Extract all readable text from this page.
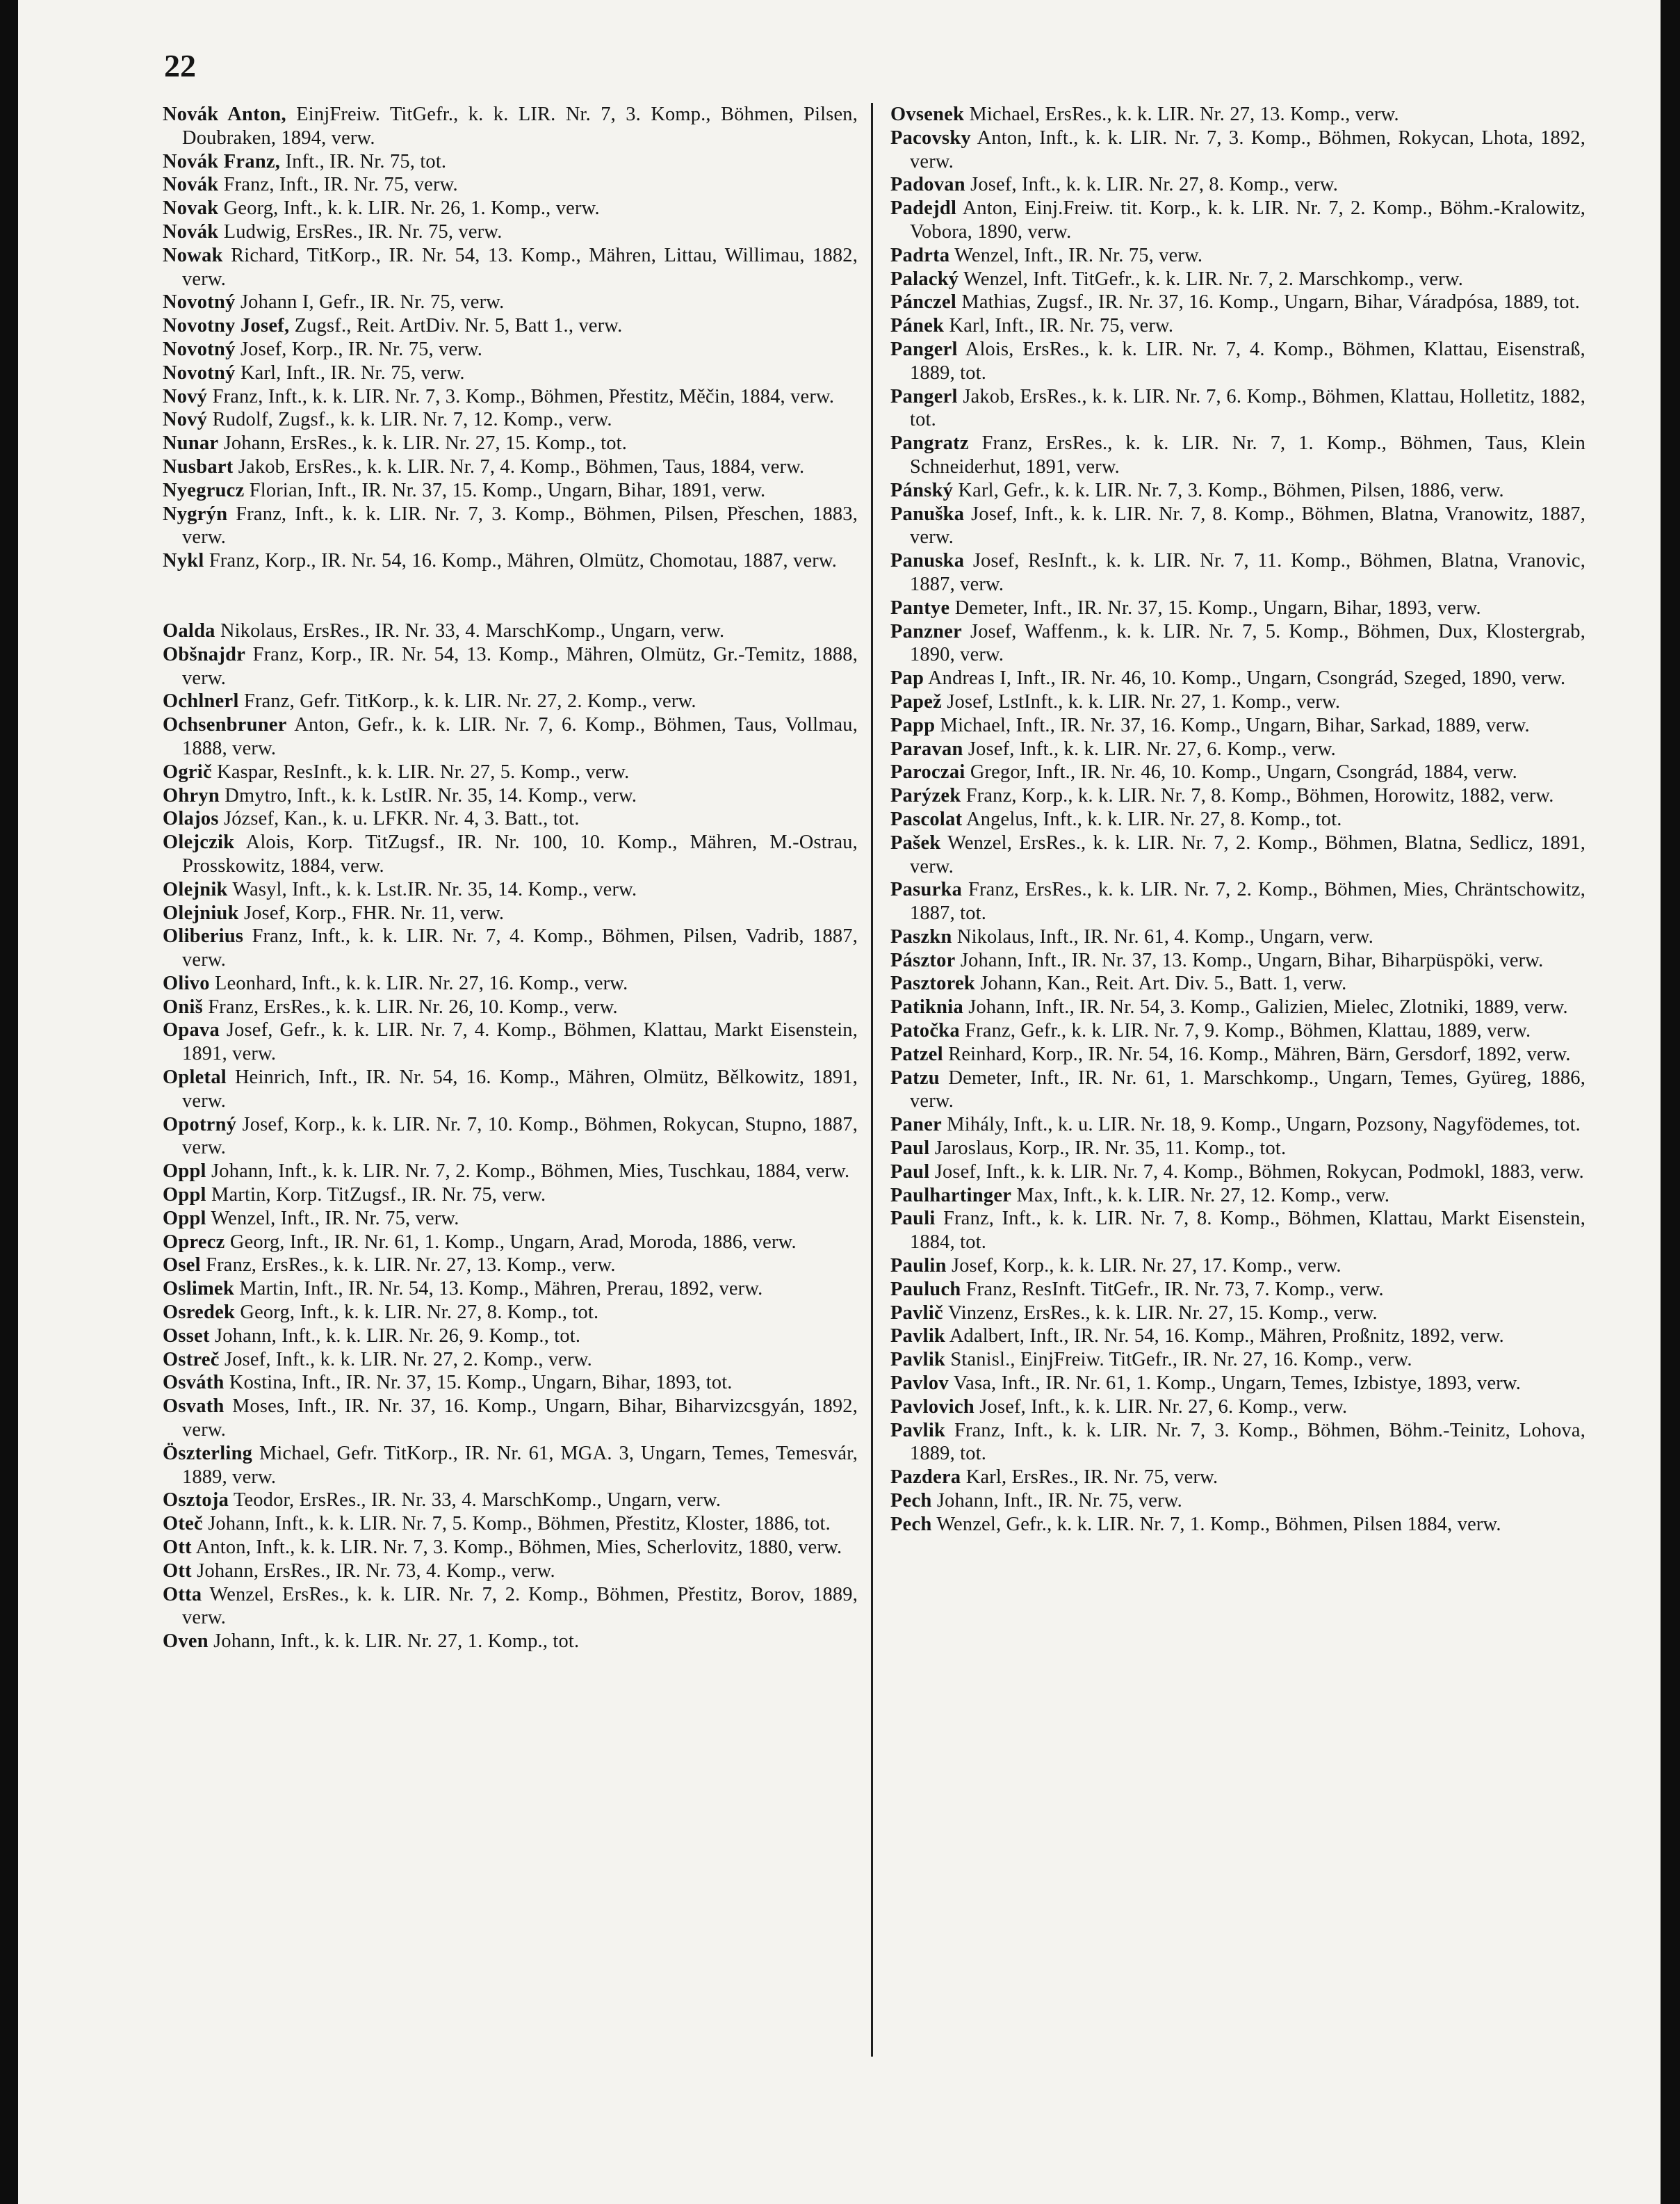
22
Novák Anton, EinjFreiw. TitGefr., k. k. LIR. Nr. 7, 3. Komp., Böhmen, Pilsen, Doubraken, 1894, verw.
Novák Franz, Inft., IR. Nr. 75, tot.
Novák Franz, Inft., IR. Nr. 75, verw.
Novak Georg, Inft., k. k. LIR. Nr. 26, 1. Komp., verw.
Novák Ludwig, ErsRes., IR. Nr. 75, verw.
Nowak Richard, TitKorp., IR. Nr. 54, 13. Komp., Mähren, Littau, Willimau, 1882, verw.
Novotný Johann I, Gefr., IR. Nr. 75, verw.
Novotny Josef, Zugsf., Reit. ArtDiv. Nr. 5, Batt 1., verw.
Novotný Josef, Korp., IR. Nr. 75, verw.
Novotný Karl, Inft., IR. Nr. 75, verw.
Nový Franz, Inft., k. k. LIR. Nr. 7, 3. Komp., Böhmen, Přestitz, Měčin, 1884, verw.
Nový Rudolf, Zugsf., k. k. LIR. Nr. 7, 12. Komp., verw.
Nunar Johann, ErsRes., k. k. LIR. Nr. 27, 15. Komp., tot.
Nusbart Jakob, ErsRes., k. k. LIR. Nr. 7, 4. Komp., Böhmen, Taus, 1884, verw.
Nyegrucz Florian, Inft., IR. Nr. 37, 15. Komp., Ungarn, Bihar, 1891, verw.
Nygrýn Franz, Inft., k. k. LIR. Nr. 7, 3. Komp., Böhmen, Pilsen, Přeschen, 1883, verw.
Nykl Franz, Korp., IR. Nr. 54, 16. Komp., Mähren, Olmütz, Chomotau, 1887, verw.
Oalda Nikolaus, ErsRes., IR. Nr. 33, 4. MarschKomp., Ungarn, verw.
Obšnajdr Franz, Korp., IR. Nr. 54, 13. Komp., Mähren, Olmütz, Gr.-Temitz, 1888, verw.
Ochlnerl Franz, Gefr. TitKorp., k. k. LIR. Nr. 27, 2. Komp., verw.
Ochsenbruner Anton, Gefr., k. k. LIR. Nr. 7, 6. Komp., Böhmen, Taus, Vollmau, 1888, verw.
Ogrič Kaspar, ResInft., k. k. LIR. Nr. 27, 5. Komp., verw.
Ohryn Dmytro, Inft., k. k. LstIR. Nr. 35, 14. Komp., verw.
Olajos József, Kan., k. u. LFKR. Nr. 4, 3. Batt., tot.
Olejczik Alois, Korp. TitZugsf., IR. Nr. 100, 10. Komp., Mähren, M.-Ostrau, Prosskowitz, 1884, verw.
Olejnik Wasyl, Inft., k. k. Lst.IR. Nr. 35, 14. Komp., verw.
Olejniuk Josef, Korp., FHR. Nr. 11, verw.
Oliberius Franz, Inft., k. k. LIR. Nr. 7, 4. Komp., Böhmen, Pilsen, Vadrib, 1887, verw.
Olivo Leonhard, Inft., k. k. LIR. Nr. 27, 16. Komp., verw.
Oniš Franz, ErsRes., k. k. LIR. Nr. 26, 10. Komp., verw.
Opava Josef, Gefr., k. k. LIR. Nr. 7, 4. Komp., Böhmen, Klattau, Markt Eisenstein, 1891, verw.
Opletal Heinrich, Inft., IR. Nr. 54, 16. Komp., Mähren, Olmütz, Bělkowitz, 1891, verw.
Opotrný Josef, Korp., k. k. LIR. Nr. 7, 10. Komp., Böhmen, Rokycan, Stupno, 1887, verw.
Oppl Johann, Inft., k. k. LIR. Nr. 7, 2. Komp., Böhmen, Mies, Tuschkau, 1884, verw.
Oppl Martin, Korp. TitZugsf., IR. Nr. 75, verw.
Oppl Wenzel, Inft., IR. Nr. 75, verw.
Oprecz Georg, Inft., IR. Nr. 61, 1. Komp., Ungarn, Arad, Moroda, 1886, verw.
Osel Franz, ErsRes., k. k. LIR. Nr. 27, 13. Komp., verw.
Oslimek Martin, Inft., IR. Nr. 54, 13. Komp., Mähren, Prerau, 1892, verw.
Osredek Georg, Inft., k. k. LIR. Nr. 27, 8. Komp., tot.
Osset Johann, Inft., k. k. LIR. Nr. 26, 9. Komp., tot.
Ostreč Josef, Inft., k. k. LIR. Nr. 27, 2. Komp., verw.
Osváth Kostina, Inft., IR. Nr. 37, 15. Komp., Ungarn, Bihar, 1893, tot.
Osvath Moses, Inft., IR. Nr. 37, 16. Komp., Ungarn, Bihar, Biharvizcsgyán, 1892, verw.
Öszterling Michael, Gefr. TitKorp., IR. Nr. 61, MGA. 3, Ungarn, Temes, Temesvár, 1889, verw.
Osztoja Teodor, ErsRes., IR. Nr. 33, 4. MarschKomp., Ungarn, verw.
Oteč Johann, Inft., k. k. LIR. Nr. 7, 5. Komp., Böhmen, Přestitz, Kloster, 1886, tot.
Ott Anton, Inft., k. k. LIR. Nr. 7, 3. Komp., Böhmen, Mies, Scherlovitz, 1880, verw.
Ott Johann, ErsRes., IR. Nr. 73, 4. Komp., verw.
Otta Wenzel, ErsRes., k. k. LIR. Nr. 7, 2. Komp., Böhmen, Přestitz, Borov, 1889, verw.
Oven Johann, Inft., k. k. LIR. Nr. 27, 1. Komp., tot.
Ovsenek Michael, ErsRes., k. k. LIR. Nr. 27, 13. Komp., verw.
Pacovsky Anton, Inft., k. k. LIR. Nr. 7, 3. Komp., Böhmen, Rokycan, Lhota, 1892, verw.
Padovan Josef, Inft., k. k. LIR. Nr. 27, 8. Komp., verw.
Padejdl Anton, Einj.Freiw. tit. Korp., k. k. LIR. Nr. 7, 2. Komp., Böhm.-Kralowitz, Vobora, 1890, verw.
Padrta Wenzel, Inft., IR. Nr. 75, verw.
Palacký Wenzel, Inft. TitGefr., k. k. LIR. Nr. 7, 2. Marschkomp., verw.
Pánczel Mathias, Zugsf., IR. Nr. 37, 16. Komp., Ungarn, Bihar, Váradpósa, 1889, tot.
Pánek Karl, Inft., IR. Nr. 75, verw.
Pangerl Alois, ErsRes., k. k. LIR. Nr. 7, 4. Komp., Böhmen, Klattau, Eisenstraß, 1889, tot.
Pangerl Jakob, ErsRes., k. k. LIR. Nr. 7, 6. Komp., Böhmen, Klattau, Holletitz, 1882, tot.
Pangratz Franz, ErsRes., k. k. LIR. Nr. 7, 1. Komp., Böhmen, Taus, Klein Schneiderhut, 1891, verw.
Pánský Karl, Gefr., k. k. LIR. Nr. 7, 3. Komp., Böhmen, Pilsen, 1886, verw.
Panuška Josef, Inft., k. k. LIR. Nr. 7, 8. Komp., Böhmen, Blatna, Vranowitz, 1887, verw.
Panuska Josef, ResInft., k. k. LIR. Nr. 7, 11. Komp., Böhmen, Blatna, Vranovic, 1887, verw.
Pantye Demeter, Inft., IR. Nr. 37, 15. Komp., Ungarn, Bihar, 1893, verw.
Panzner Josef, Waffenm., k. k. LIR. Nr. 7, 5. Komp., Böhmen, Dux, Klostergrab, 1890, verw.
Pap Andreas I, Inft., IR. Nr. 46, 10. Komp., Ungarn, Csongrád, Szeged, 1890, verw.
Papež Josef, LstInft., k. k. LIR. Nr. 27, 1. Komp., verw.
Papp Michael, Inft., IR. Nr. 37, 16. Komp., Ungarn, Bihar, Sarkad, 1889, verw.
Paravan Josef, Inft., k. k. LIR. Nr. 27, 6. Komp., verw.
Paroczai Gregor, Inft., IR. Nr. 46, 10. Komp., Ungarn, Csongrád, 1884, verw.
Parýzek Franz, Korp., k. k. LIR. Nr. 7, 8. Komp., Böhmen, Horowitz, 1882, verw.
Pascolat Angelus, Inft., k. k. LIR. Nr. 27, 8. Komp., tot.
Pašek Wenzel, ErsRes., k. k. LIR. Nr. 7, 2. Komp., Böhmen, Blatna, Sedlicz, 1891, verw.
Pasurka Franz, ErsRes., k. k. LIR. Nr. 7, 2. Komp., Böhmen, Mies, Chräntschowitz, 1887, tot.
Paszkn Nikolaus, Inft., IR. Nr. 61, 4. Komp., Ungarn, verw.
Pásztor Johann, Inft., IR. Nr. 37, 13. Komp., Ungarn, Bihar, Biharpüspöki, verw.
Pasztorek Johann, Kan., Reit. Art. Div. 5., Batt. 1, verw.
Patiknia Johann, Inft., IR. Nr. 54, 3. Komp., Galizien, Mielec, Zlotniki, 1889, verw.
Patočka Franz, Gefr., k. k. LIR. Nr. 7, 9. Komp., Böhmen, Klattau, 1889, verw.
Patzel Reinhard, Korp., IR. Nr. 54, 16. Komp., Mähren, Bärn, Gersdorf, 1892, verw.
Patzu Demeter, Inft., IR. Nr. 61, 1. Marschkomp., Ungarn, Temes, Gyüreg, 1886, verw.
Paner Mihály, Inft., k. u. LIR. Nr. 18, 9. Komp., Ungarn, Pozsony, Nagyfödemes, tot.
Paul Jaroslaus, Korp., IR. Nr. 35, 11. Komp., tot.
Paul Josef, Inft., k. k. LIR. Nr. 7, 4. Komp., Böhmen, Rokycan, Podmokl, 1883, verw.
Paulhartinger Max, Inft., k. k. LIR. Nr. 27, 12. Komp., verw.
Pauli Franz, Inft., k. k. LIR. Nr. 7, 8. Komp., Böhmen, Klattau, Markt Eisenstein, 1884, tot.
Paulin Josef, Korp., k. k. LIR. Nr. 27, 17. Komp., verw.
Pauluch Franz, ResInft. TitGefr., IR. Nr. 73, 7. Komp., verw.
Pavlič Vinzenz, ErsRes., k. k. LIR. Nr. 27, 15. Komp., verw.
Pavlik Adalbert, Inft., IR. Nr. 54, 16. Komp., Mähren, Proßnitz, 1892, verw.
Pavlik Stanisl., EinjFreiw. TitGefr., IR. Nr. 27, 16. Komp., verw.
Pavlov Vasa, Inft., IR. Nr. 61, 1. Komp., Ungarn, Temes, Izbistye, 1893, verw.
Pavlovich Josef, Inft., k. k. LIR. Nr. 27, 6. Komp., verw.
Pavlik Franz, Inft., k. k. LIR. Nr. 7, 3. Komp., Böhmen, Böhm.-Teinitz, Lohova, 1889, tot.
Pazdera Karl, ErsRes., IR. Nr. 75, verw.
Pech Johann, Inft., IR. Nr. 75, verw.
Pech Wenzel, Gefr., k. k. LIR. Nr. 7, 1. Komp., Böhmen, Pilsen 1884, verw.
